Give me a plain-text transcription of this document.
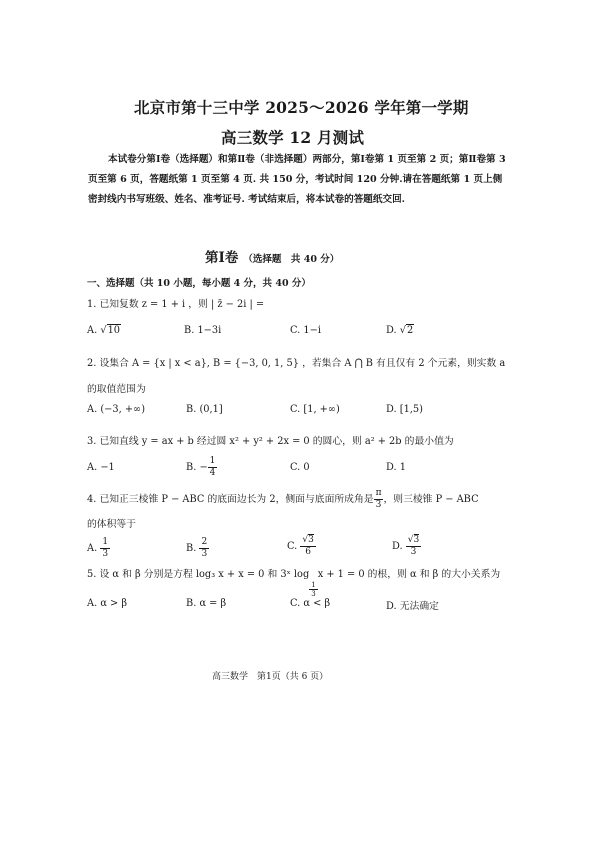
北京市第十三中学 2025～2026 学年第一学期
高三数学 12 月测试
本试卷分第Ⅰ卷（选择题）和第Ⅱ卷（非选择题）两部分，第Ⅰ卷第 1 页至第 2 页；第Ⅱ卷第 3 页至第 6 页，答题纸第 1 页至第 4 页. 共 150 分，考试时间 120 分钟.请在答题纸第 1 页上侧密封线内书写班级、姓名、准考证号. 考试结束后，将本试卷的答题纸交回.
第Ⅰ卷 （选择题　共 40 分）
一、选择题（共 10 小题，每小题 4 分，共 40 分）
1. 已知复数 z = 1 + i ，则 | z̄ − 2i | =
A. √10	B. 1−3i	C. 1−i	D. √2
2. 设集合 A = {x | x < a}, B = {−3, 0, 1, 5} ，若集合 A ⋂ B 有且仅有 2 个元素，则实数 a
的取值范围为
A. (−3, +∞)	B. (0,1]	C. [1, +∞)	D. [1,5)
3. 已知直线 y = ax + b 经过圆 x² + y² + 2x = 0 的圆心，则 a² + 2b 的最小值为
A. −1	B. − $\frac{1}{4}$	C. 0	D. 1
4. 已知正三棱锥 P − ABC 的底面边长为 2，侧面与底面所成角是 $\frac{\pi}{3}$ ，则三棱锥 P − ABC
的体积等于
A. $\frac{1}{3}$	B. $\frac{2}{3}$	C. $\frac{√3}{6}$	D. $\frac{√3}{3}$
5. 设 α 和 β 分别是方程 log₃ x + x = 0 和 3ˣ log
$\frac{1}{3}$
x + 1 = 0 的根，则 α 和 β 的大小关系为
A. α > β	B. α = β	C. α < β	D. 无法确定
高三数学　第1页（共 6 页）
